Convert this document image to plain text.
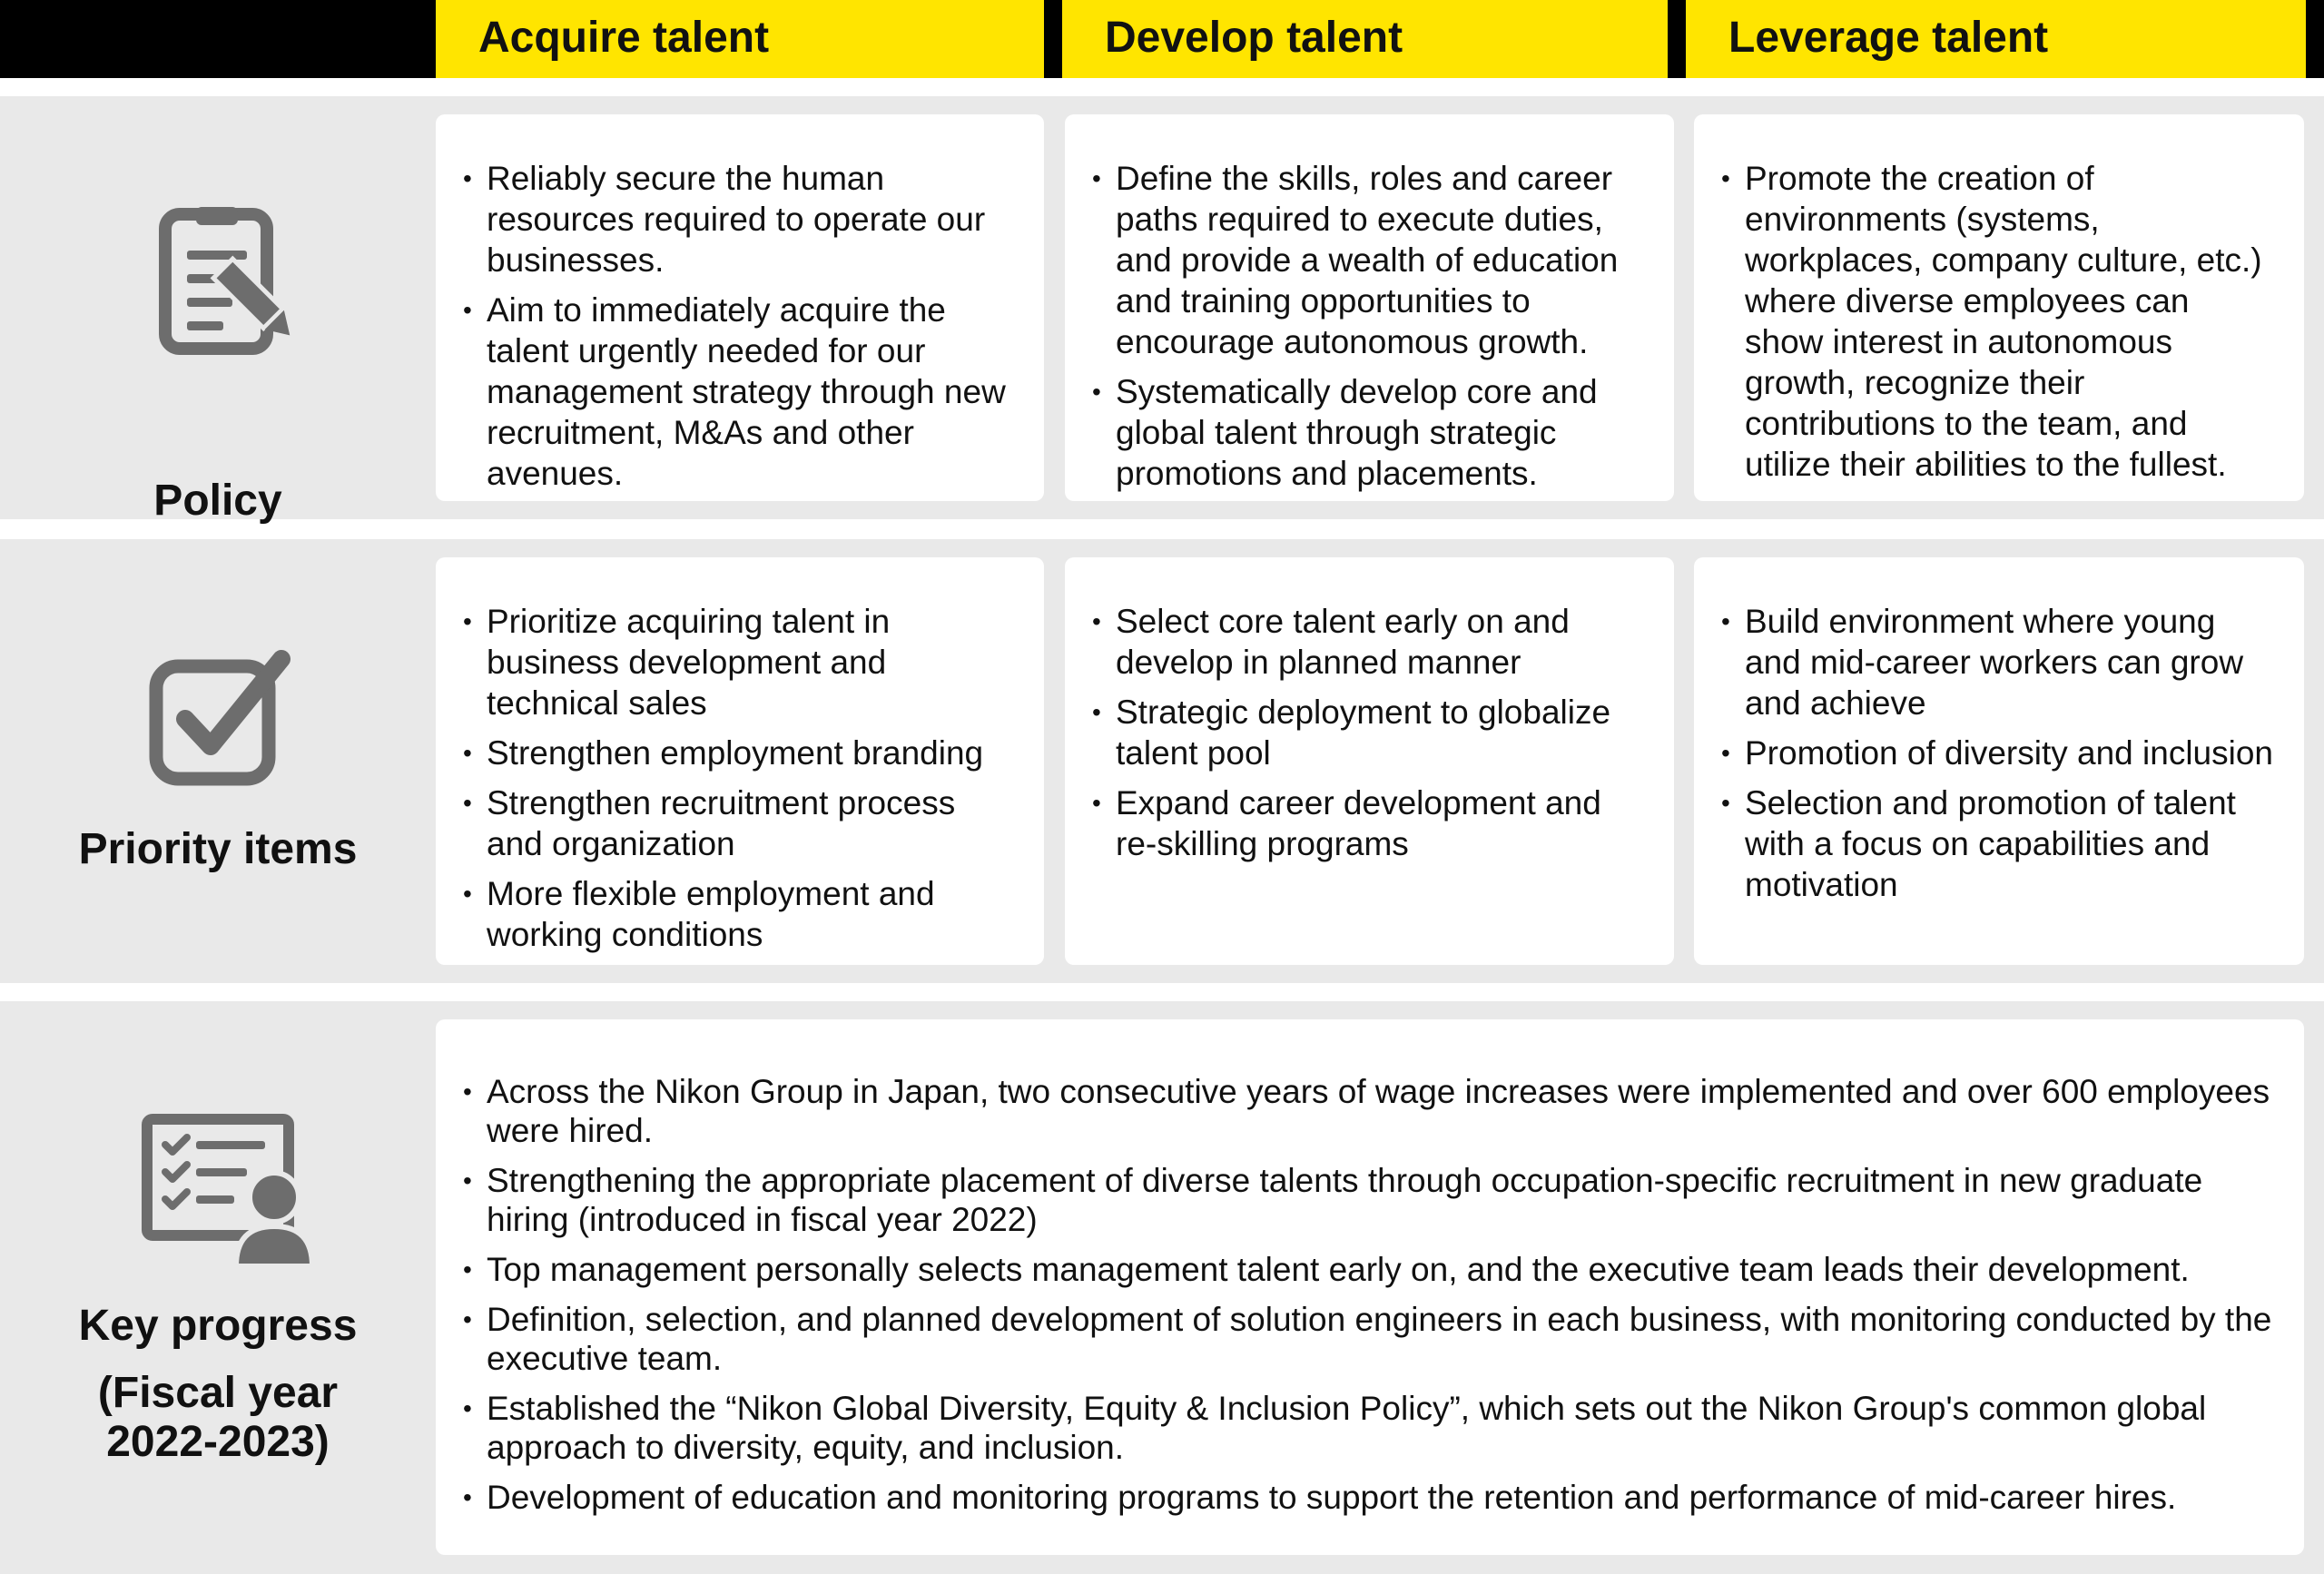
Acquire talent	Develop talent	Leverage talent
Policy
• Reliably secure the human resources required to operate our businesses.
• Aim to immediately acquire the talent urgently needed for our management strategy through new recruitment, M&As and other avenues.
• Define the skills, roles and career paths required to execute duties, and provide a wealth of education and training opportunities to encourage autonomous growth.
• Systematically develop core and global talent through strategic promotions and placements.
• Promote the creation of environments (systems, workplaces, company culture, etc.) where diverse employees can show interest in autonomous growth, recognize their contributions to the team, and utilize their abilities to the fullest.
Priority items
• Prioritize acquiring talent in business development and technical sales
• Strengthen employment branding
• Strengthen recruitment process and organization
• More flexible employment and working conditions
• Select core talent early on and develop in planned manner
• Strategic deployment to globalize talent pool
• Expand career development and re-skilling programs
• Build environment where young and mid-career workers can grow and achieve
• Promotion of diversity and inclusion
• Selection and promotion of talent with a focus on capabilities and motivation
Key progress
(Fiscal year
2022-2023)
• Across the Nikon Group in Japan, two consecutive years of wage increases were implemented and over 600 employees were hired.
• Strengthening the appropriate placement of diverse talents through occupation-specific recruitment in new graduate hiring (introduced in fiscal year 2022)
• Top management personally selects management talent early on, and the executive team leads their development.
• Definition, selection, and planned development of solution engineers in each business, with monitoring conducted by the executive team.
• Established the “Nikon Global Diversity, Equity & Inclusion Policy”, which sets out the Nikon Group's common global approach to diversity, equity, and inclusion.
• Development of education and monitoring programs to support the retention and performance of mid-career hires.
